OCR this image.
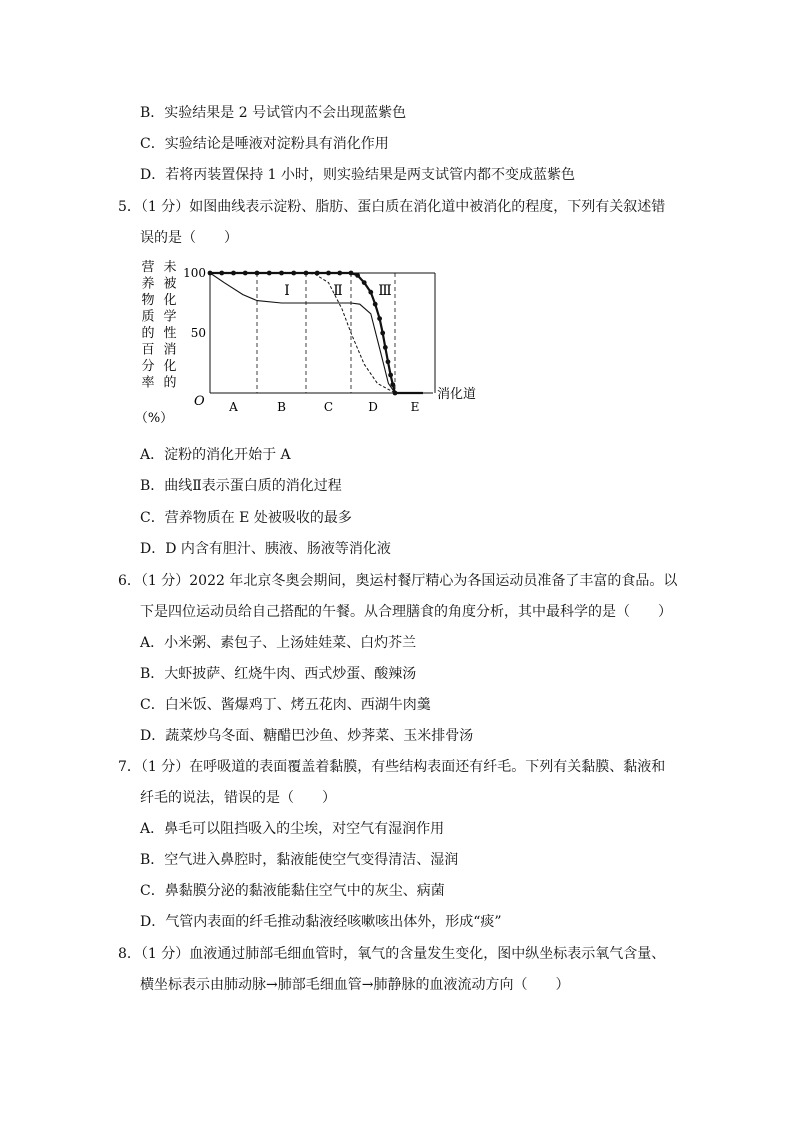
B．实验结果是 2 号试管内不会出现蓝紫色
C．实验结论是唾液对淀粉具有消化作用
D．若将丙装置保持 1 小时，则实验结果是两支试管内都不变成蓝紫色
5．（1 分）如图曲线表示淀粉、脂肪、蛋白质在消化道中被消化的程度，下列有关叙述错
误的是（　　）
营
养
物
质
的
百
分
率
未
被
化
学
性
消
化
的
（%）
50
100
O A	B	C	D	E
消化道
Ⅰ	Ⅱ	Ⅲ
A．淀粉的消化开始于 A
B．曲线Ⅱ表示蛋白质的消化过程
C．营养物质在 E 处被吸收的最多
D．D 内含有胆汁、胰液、肠液等消化液
6．（1 分）2022 年北京冬奥会期间，奥运村餐厅精心为各国运动员准备了丰富的食品。以
下是四位运动员给自己搭配的午餐。从合理膳食的角度分析，其中最科学的是（　　）
A．小米粥、素包子、上汤娃娃菜、白灼芥兰
B．大虾披萨、红烧牛肉、西式炒蛋、酸辣汤
C．白米饭、酱爆鸡丁、烤五花肉、西湖牛肉羹
D．蔬菜炒乌冬面、糖醋巴沙鱼、炒荠菜、玉米排骨汤
7．（1 分）在呼吸道的表面覆盖着黏膜，有些结构表面还有纤毛。下列有关黏膜、黏液和
纤毛的说法，错误的是（　　）
A．鼻毛可以阻挡吸入的尘埃，对空气有湿润作用
B．空气进入鼻腔时，黏液能使空气变得清洁、湿润
C．鼻黏膜分泌的黏液能黏住空气中的灰尘、病菌
D．气管内表面的纤毛推动黏液经咳嗽咳出体外，形成“痰”
8．（1 分）血液通过肺部毛细血管时，氧气的含量发生变化，图中纵坐标表示氧气含量、
横坐标表示由肺动脉→肺部毛细血管→肺静脉的血液流动方向（　　）
